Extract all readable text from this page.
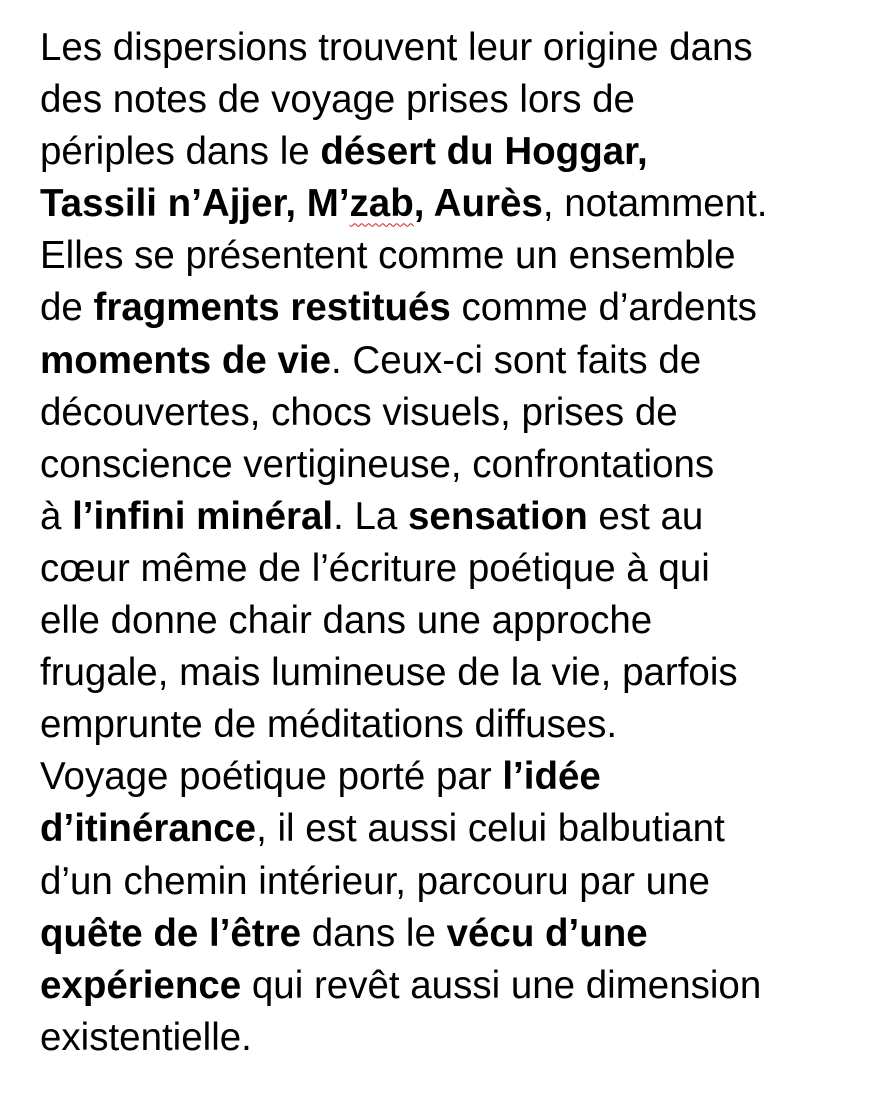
Les dispersions trouvent leur origine dans
des notes de voyage prises lors de
périples dans le désert du Hoggar,
Tassili n’Ajjer, M’zab, Aurès, notamment.
Elles se présentent comme un ensemble
de fragments restitués comme d’ardents
moments de vie. Ceux-ci sont faits de
découvertes, chocs visuels, prises de
conscience vertigineuse, confrontations
à l’infini minéral. La sensation est au
cœur même de l’écriture poétique à qui
elle donne chair dans une approche
frugale, mais lumineuse de la vie, parfois
emprunte de méditations diffuses.
Voyage poétique porté par l’idée
d’itinérance, il est aussi celui balbutiant
d’un chemin intérieur, parcouru par une
quête de l’être dans le vécu d’une
expérience qui revêt aussi une dimension
existentielle.
